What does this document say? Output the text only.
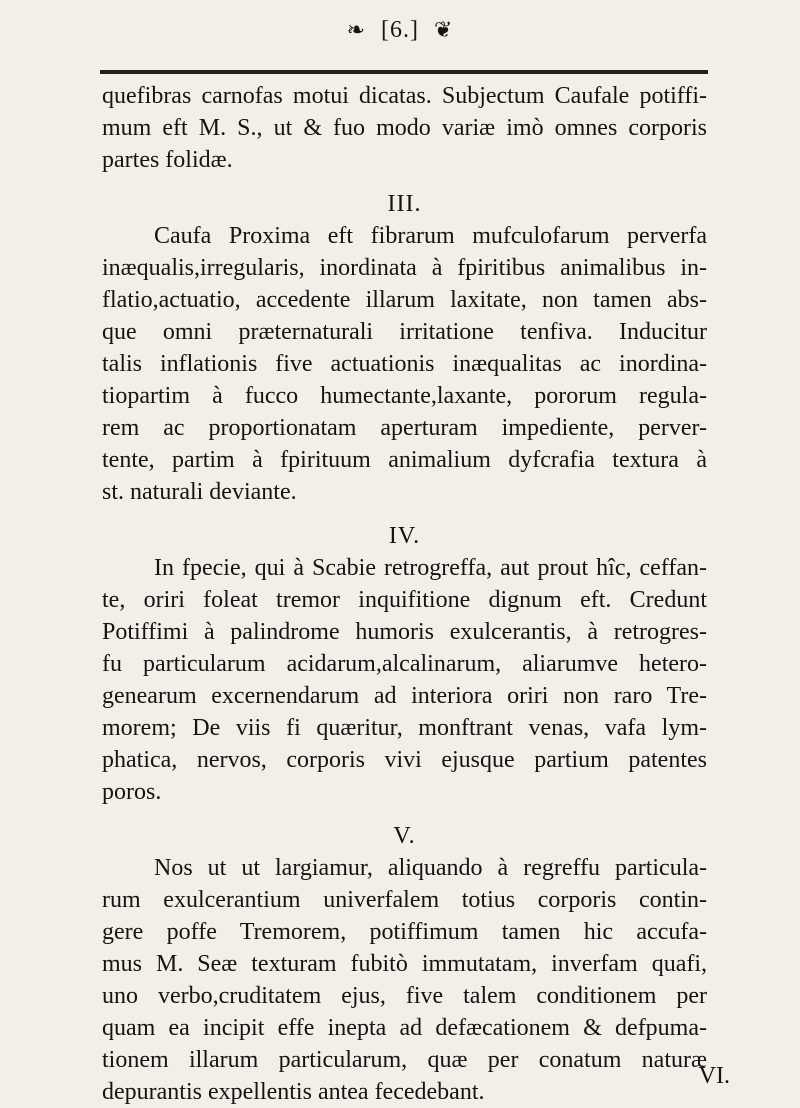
❧ [6.] ❦

quefibras carnofas motui dicatas. Subjectum Caufale potiffi-

mum eft M. S., ut & fuo modo variæ imò omnes corporis

partes folidæ.

III.

Caufa Proxima eft fibrarum mufculofarum perverfa

inæqualis,irregularis, inordinata à fpiritibus animalibus in-

flatio,actuatio, accedente illarum laxitate, non tamen abs-

que omni præternaturali irritatione tenfiva. Inducitur

talis inflationis five actuationis inæqualitas ac inordina-

tiopartim à fucco humectante,laxante, pororum regula-

rem ac proportionatam aperturam impediente, perver-

tente, partim à fpirituum animalium dyfcrafia textura à

st. naturali deviante.

IV.

In fpecie, qui à Scabie retrogreffa, aut prout hîc, ceffan-

te, oriri foleat tremor inquifitione dignum eft. Credunt

Potiffimi à palindrome humoris exulcerantis, à retrogres-

fu particularum acidarum,alcalinarum, aliarumve hetero-

genearum excernendarum ad interiora oriri non raro Tre-

morem; De viis fi quæritur, monftrant venas, vafa lym-

phatica, nervos, corporis vivi ejusque partium patentes

poros.

V.

Nos ut ut largiamur, aliquando à regreffu particula-

rum exulcerantium univerfalem totius corporis contin-

gere poffe Tremorem, potiffimum tamen hic accufa-

mus M. Seæ texturam fubitò immutatam, inverfam quafi,

uno verbo,cruditatem ejus, five talem conditionem per

quam ea incipit effe inepta ad defæcationem & defpuma-

tionem illarum particularum, quæ per conatum naturæ

depurantis expellentis antea fecedebant.

VI.
